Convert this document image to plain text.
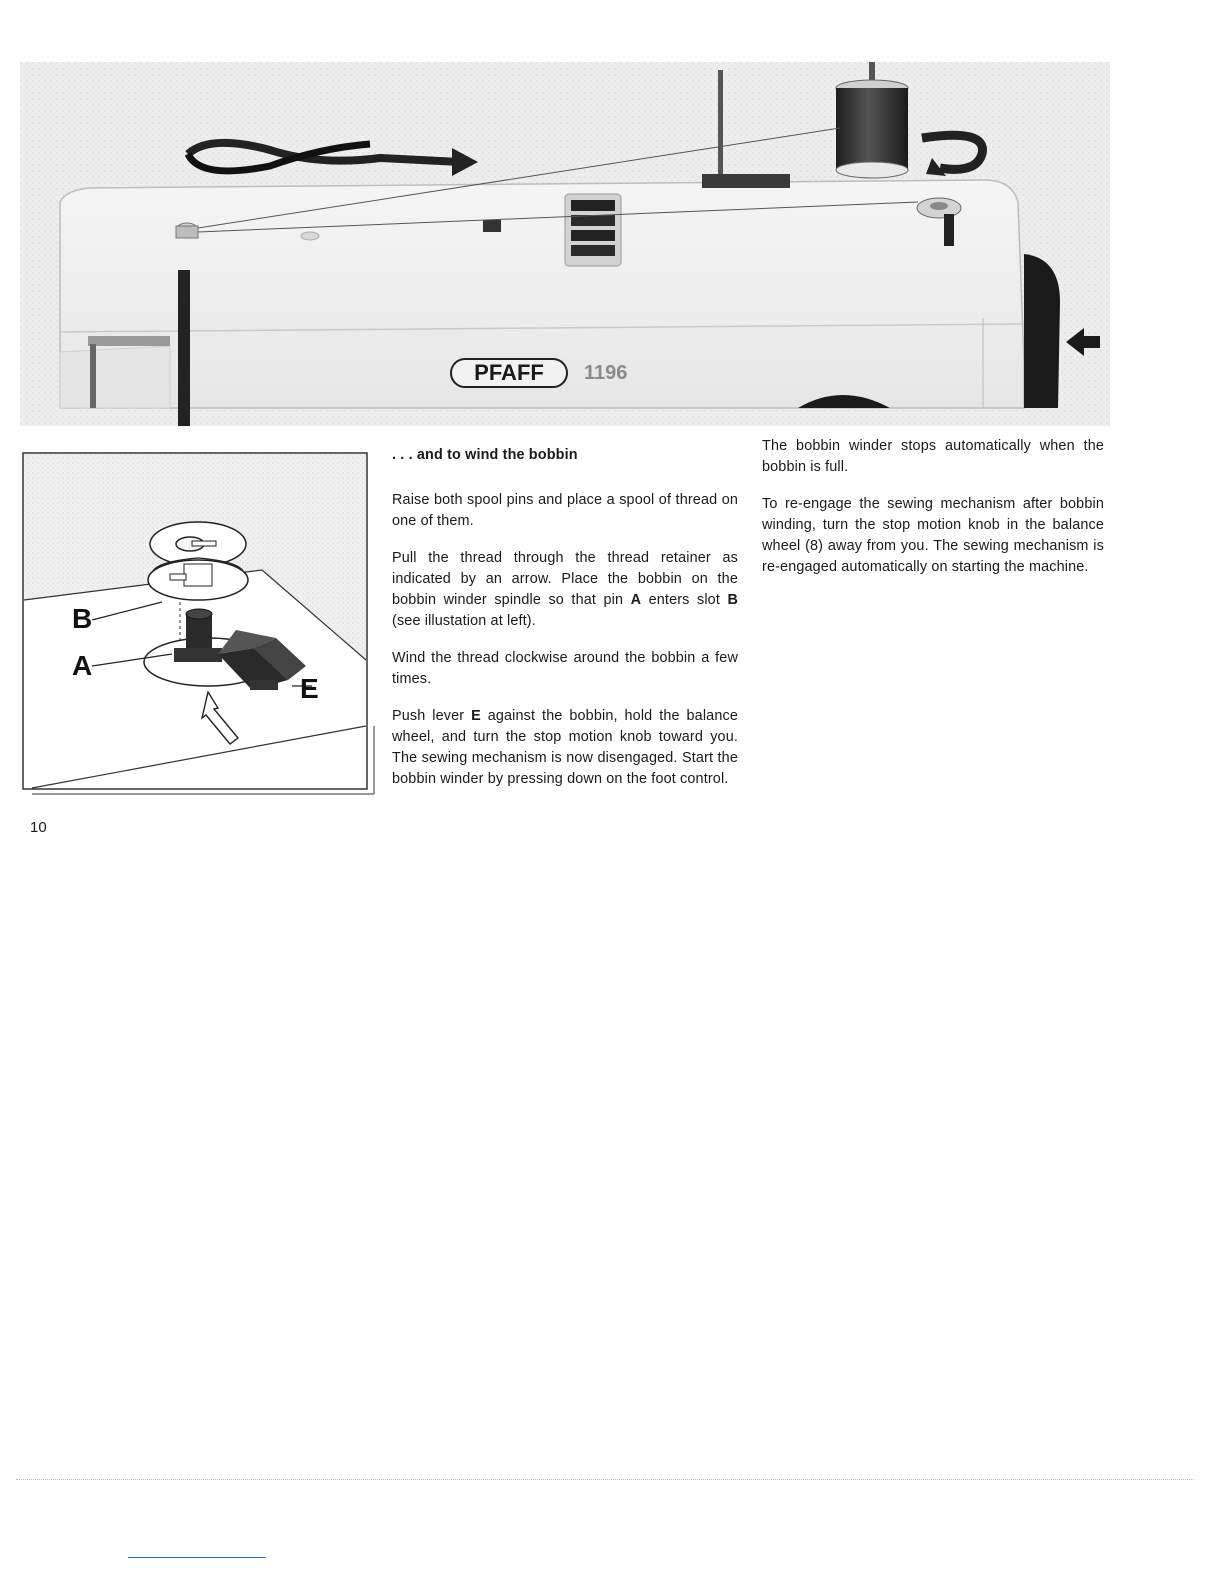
PFAFF	1196
B
A
E

. . . and to wind the bobbin

Raise both spool pins and place a spool of thread on one of them.

Pull the thread through the thread retainer as indicated by an arrow. Place the bobbin on the bobbin winder spindle so that pin A enters slot B (see illustation at left).

Wind the thread clockwise around the bobbin a few times.

Push lever E against the bobbin, hold the balance wheel, and turn the stop motion knob toward you. The sewing mechanism is now disengaged. Start the bobbin winder by pressing down on the foot control.

The bobbin winder stops automatically when the bobbin is full.

To re-engage the sewing mechanism after bobbin winding, turn the stop motion knob in the balance wheel (8) away from you. The sewing mechanism is re-engaged automatically on starting the machine.

10
